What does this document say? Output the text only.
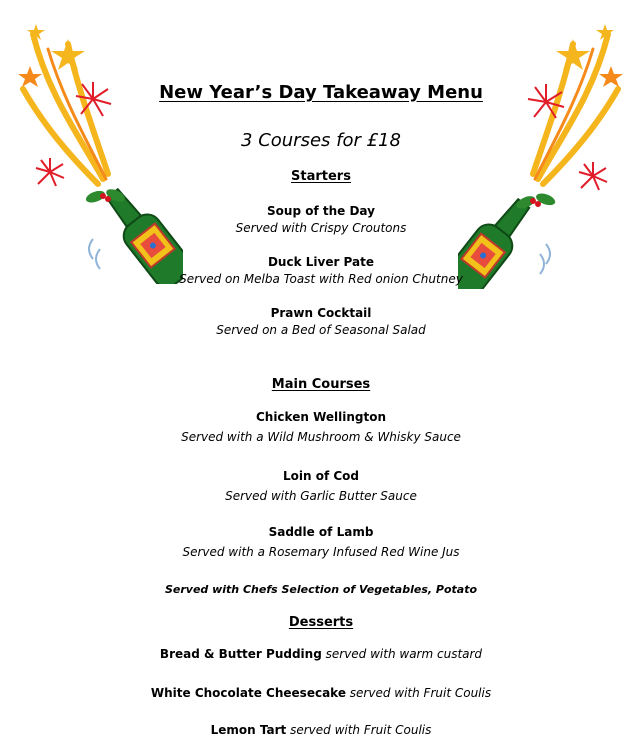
New Year’s Day Takeaway Menu
3 Courses for £18
Starters
Soup of the Day
Served with Crispy Croutons
Duck Liver Pate
Served on Melba Toast with Red onion Chutney
Prawn Cocktail
Served on a Bed of Seasonal Salad
Main Courses
Chicken Wellington
Served with a Wild Mushroom & Whisky Sauce
Loin of Cod
Served with Garlic Butter Sauce
Saddle of Lamb
Served with a Rosemary Infused Red Wine Jus
Served with Chefs Selection of Vegetables, Potato
Desserts
Bread & Butter Pudding served with warm custard
White Chocolate Cheesecake served with Fruit Coulis
Lemon Tart served with Fruit Coulis
